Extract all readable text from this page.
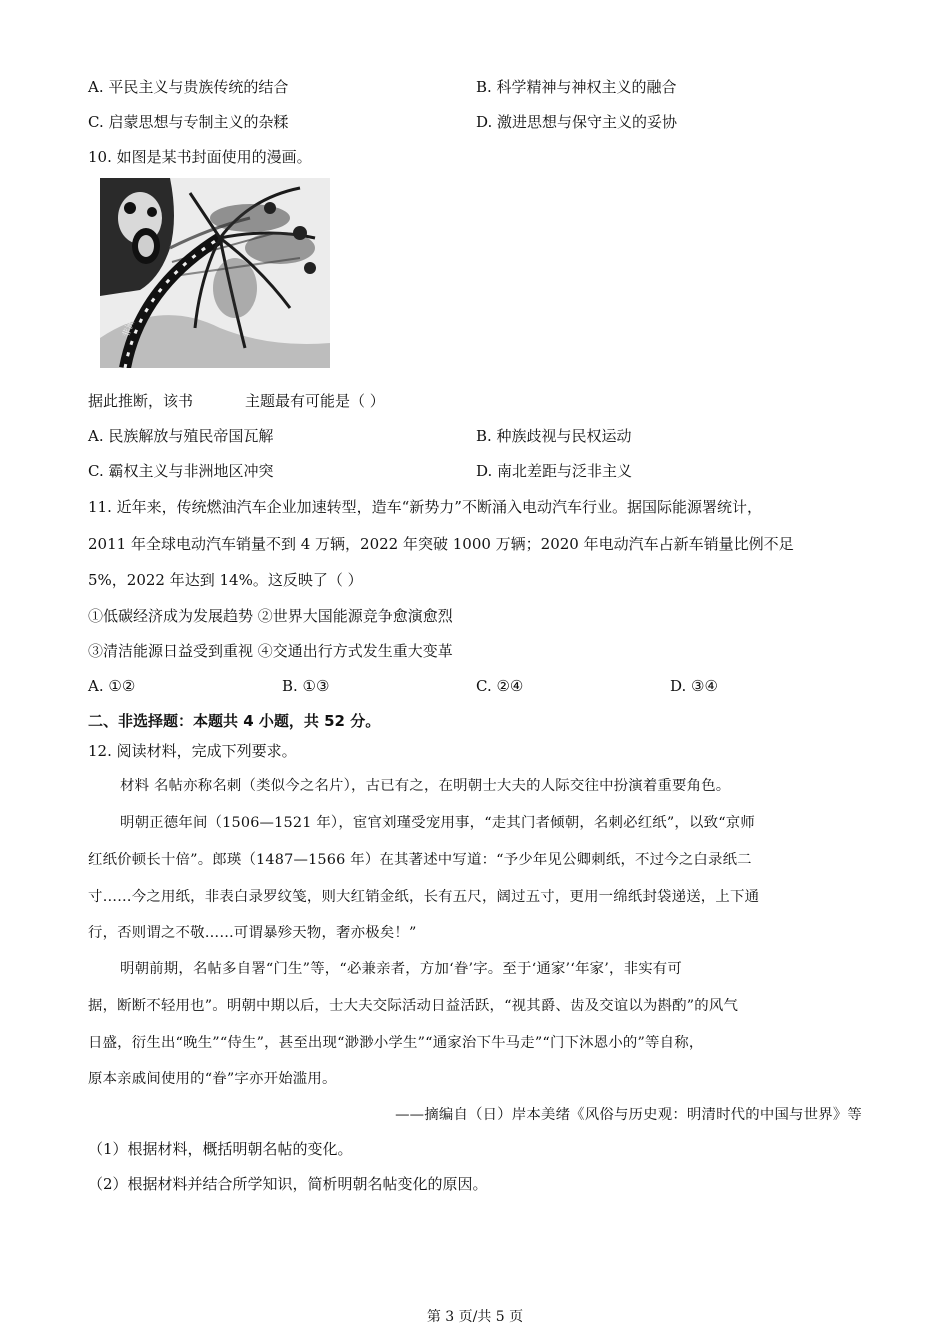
A. 平民主义与贵族传统的结合	B. 科学精神与神权主义的融合
C. 启蒙思想与专制主义的杂糅	D. 激进思想与保守主义的妥协
10. 如图是某书封面使用的漫画。
非洲
据此推断，该书	主题最有可能是（ ）
A. 民族解放与殖民帝国瓦解	B. 种族歧视与民权运动
C. 霸权主义与非洲地区冲突	D. 南北差距与泛非主义
11. 近年来，传统燃油汽车企业加速转型，造车“新势力”不断涌入电动汽车行业。据国际能源署统计，
2011 年全球电动汽车销量不到 4 万辆，2022 年突破 1000 万辆；2020 年电动汽车占新车销量比例不足
5%，2022 年达到 14%。这反映了（ ）
①低碳经济成为发展趋势 ②世界大国能源竞争愈演愈烈
③清洁能源日益受到重视 ④交通出行方式发生重大变革
A. ①②	B. ①③	C. ②④	D. ③④
二、非选择题：本题共 4 小题，共 52 分。
12. 阅读材料，完成下列要求。
材料 名帖亦称名刺（类似今之名片），古已有之，在明朝士大夫的人际交往中扮演着重要角色。
明朝正德年间（1506—1521 年），宦官刘瑾受宠用事，“走其门者倾朝，名刺必红纸”，以致“京师
红纸价顿长十倍”。郎瑛（1487—1566 年）在其著述中写道：“予少年见公卿刺纸，不过今之白录纸二
寸……今之用纸，非表白录罗纹笺，则大红销金纸，长有五尺，阔过五寸，更用一绵纸封袋递送，上下通
行，否则谓之不敬……可谓暴殄天物，奢亦极矣！”
明朝前期，名帖多自署“门生”等，“必兼亲者，方加‘眷’字。至于‘通家’‘年家’，非实有可
据，断断不轻用也”。明朝中期以后，士大夫交际活动日益活跃，“视其爵、齿及交谊以为斟酌”的风气
日盛，衍生出“晚生”“侍生”，甚至出现“渺渺小学生”“通家治下牛马走”“门下沐恩小的”等自称，
原本亲戚间使用的“眷”字亦开始滥用。
——摘编自（日）岸本美绪《风俗与历史观：明清时代的中国与世界》等
（1）根据材料，概括明朝名帖的变化。
（2）根据材料并结合所学知识，简析明朝名帖变化的原因。
第 3 页/共 5 页
